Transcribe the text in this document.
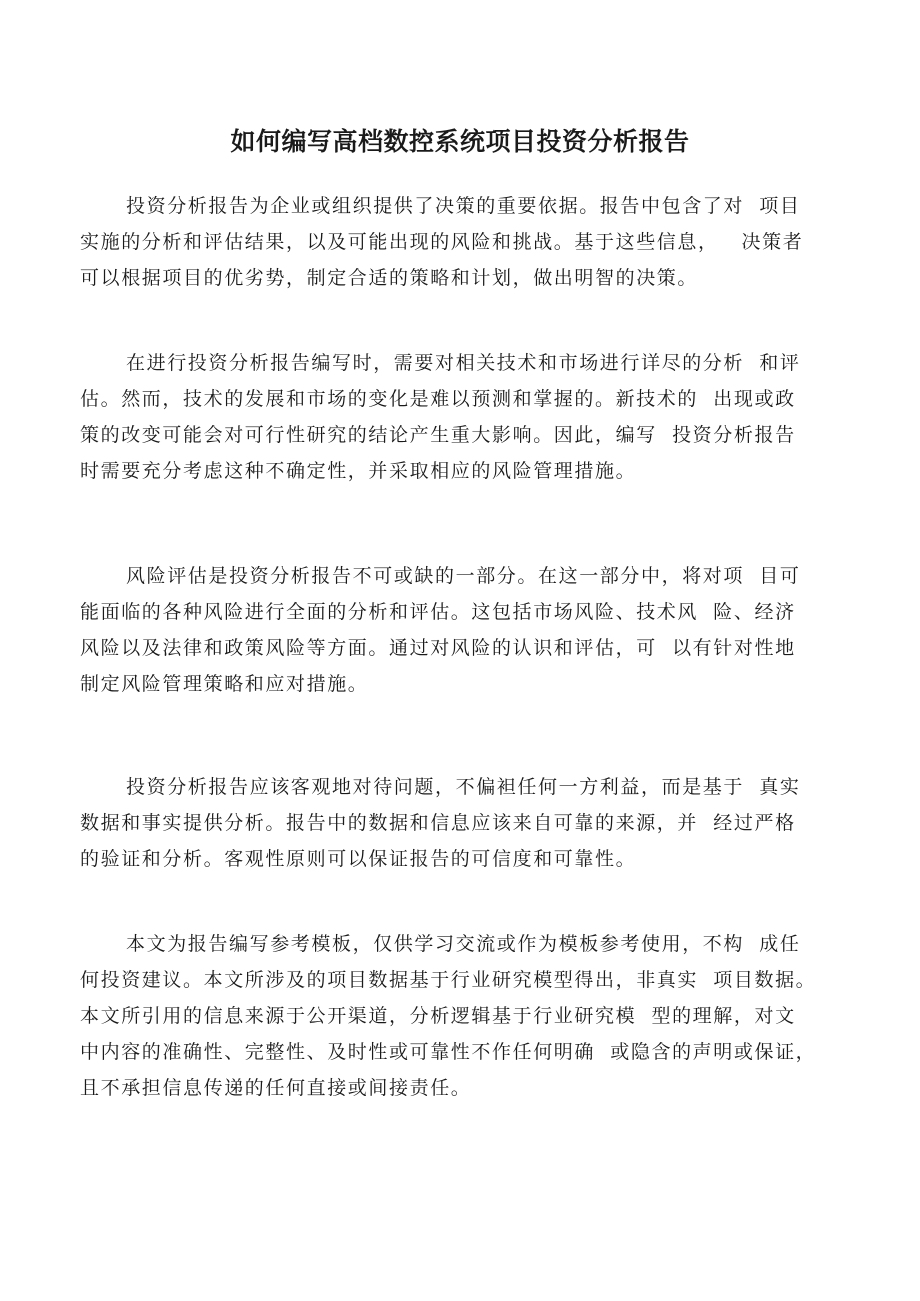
如何编写高档数控系统项目投资分析报告

投资分析报告为企业或组织提供了决策的重要依据。报告中包含了对  项目
实施的分析和评估结果，以及可能出现的风险和挑战。基于这些信息，   决策者
可以根据项目的优劣势，制定合适的策略和计划，做出明智的决策。

在进行投资分析报告编写时，需要对相关技术和市场进行详尽的分析  和评
估。然而，技术的发展和市场的变化是难以预测和掌握的。新技术的  出现或政
策的改变可能会对可行性研究的结论产生重大影响。因此，编写  投资分析报告
时需要充分考虑这种不确定性，并采取相应的风险管理措施。

风险评估是投资分析报告不可或缺的一部分。在这一部分中，将对项  目可
能面临的各种风险进行全面的分析和评估。这包括市场风险、技术风  险、经济
风险以及法律和政策风险等方面。通过对风险的认识和评估，可  以有针对性地
制定风险管理策略和应对措施。

投资分析报告应该客观地对待问题，不偏袒任何一方利益，而是基于  真实
数据和事实提供分析。报告中的数据和信息应该来自可靠的来源，并  经过严格
的验证和分析。客观性原则可以保证报告的可信度和可靠性。

本文为报告编写参考模板，仅供学习交流或作为模板参考使用，不构  成任
何投资建议。本文所涉及的项目数据基于行业研究模型得出，非真实  项目数据。
本文所引用的信息来源于公开渠道，分析逻辑基于行业研究模  型的理解，对文
中内容的准确性、完整性、及时性或可靠性不作任何明确  或隐含的声明或保证，
且不承担信息传递的任何直接或间接责任。
